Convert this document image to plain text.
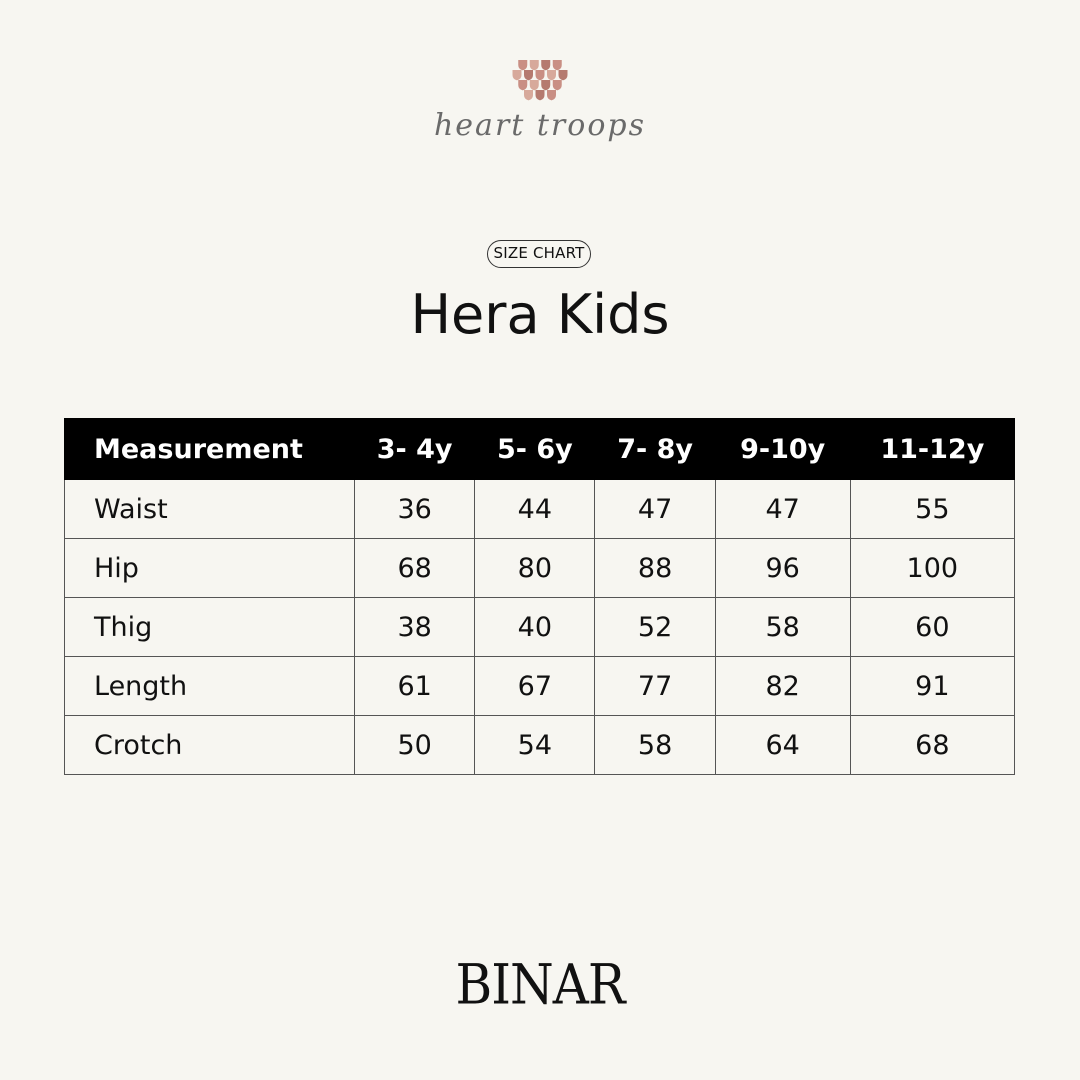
heart troops
SIZE CHART
Hera Kids
Measurement	3- 4y	5- 6y	7- 8y	9-10y	11-12y
Waist	36	44	47	47	55
Hip	68	80	88	96	100
Thig	38	40	52	58	60
Length	61	67	77	82	91
Crotch	50	54	58	64	68
BINAR
